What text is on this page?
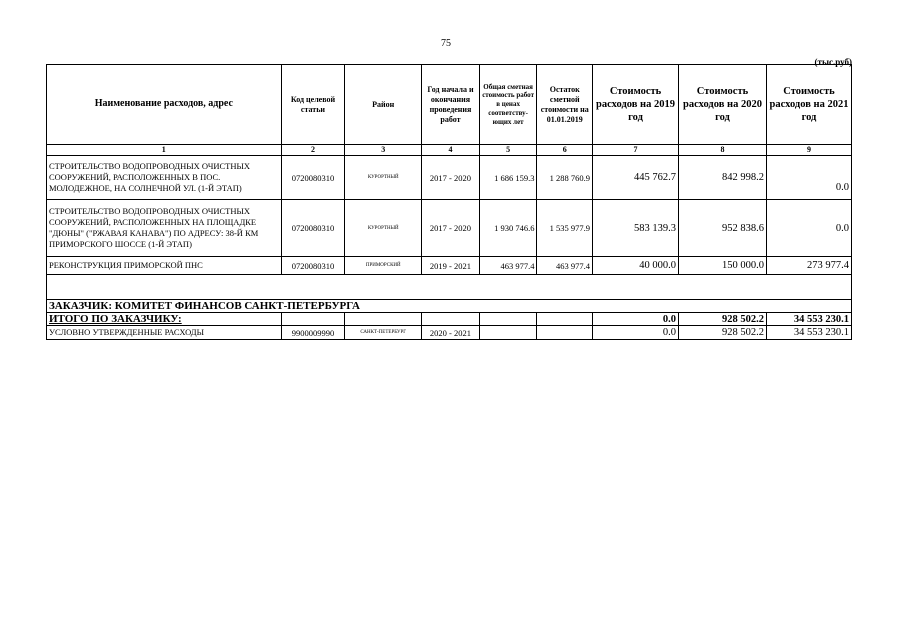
75
(тыс.руб)
Наименование расходов, адрес	Код целевой статьи	Район	Год начала и окончания проведения работ	Общая сметная стоимость работ в ценах соответству-ющих лет	Остаток сметной стоимости на 01.01.2019	Стоимость расходов на 2019 год	Стоимость расходов на 2020 год	Стоимость расходов на 2021 год
1	2	3	4	5	6	7	8	9
СТРОИТЕЛЬСТВО ВОДОПРОВОДНЫХ ОЧИСТНЫХ СООРУЖЕНИЙ, РАСПОЛОЖЕННЫХ В ПОС. МОЛОДЕЖНОЕ, НА СОЛНЕЧНОЙ УЛ. (1-Й ЭТАП)	0720080310	КУРОРТНЫЙ	2017 - 2020	1 686 159.3	1 288 760.9	445 762.7	842 998.2	0.0
СТРОИТЕЛЬСТВО ВОДОПРОВОДНЫХ ОЧИСТНЫХ СООРУЖЕНИЙ, РАСПОЛОЖЕННЫХ НА ПЛОЩАДКЕ "ДЮНЫ" ("РЖАВАЯ КАНАВА") ПО АДРЕСУ: 38-Й КМ ПРИМОРСКОГО ШОССЕ (1-Й ЭТАП)	0720080310	КУРОРТНЫЙ	2017 - 2020	1 930 746.6	1 535 977.9	583 139.3	952 838.6	0.0
РЕКОНСТРУКЦИЯ ПРИМОРСКОЙ ПНС	0720080310	ПРИМОРСКИЙ	2019 - 2021	463 977.4	463 977.4	40 000.0	150 000.0	273 977.4

ЗАКАЗЧИК: КОМИТЕТ ФИНАНСОВ САНКТ-ПЕТЕРБУРГА								
ИТОГО ПО ЗАКАЗЧИКУ:						0.0	928 502.2	34 553 230.1
УСЛОВНО УТВЕРЖДЕННЫЕ РАСХОДЫ	9900009990	САНКТ-ПЕТЕРБУРГ	2020 - 2021			0.0	928 502.2	34 553 230.1
